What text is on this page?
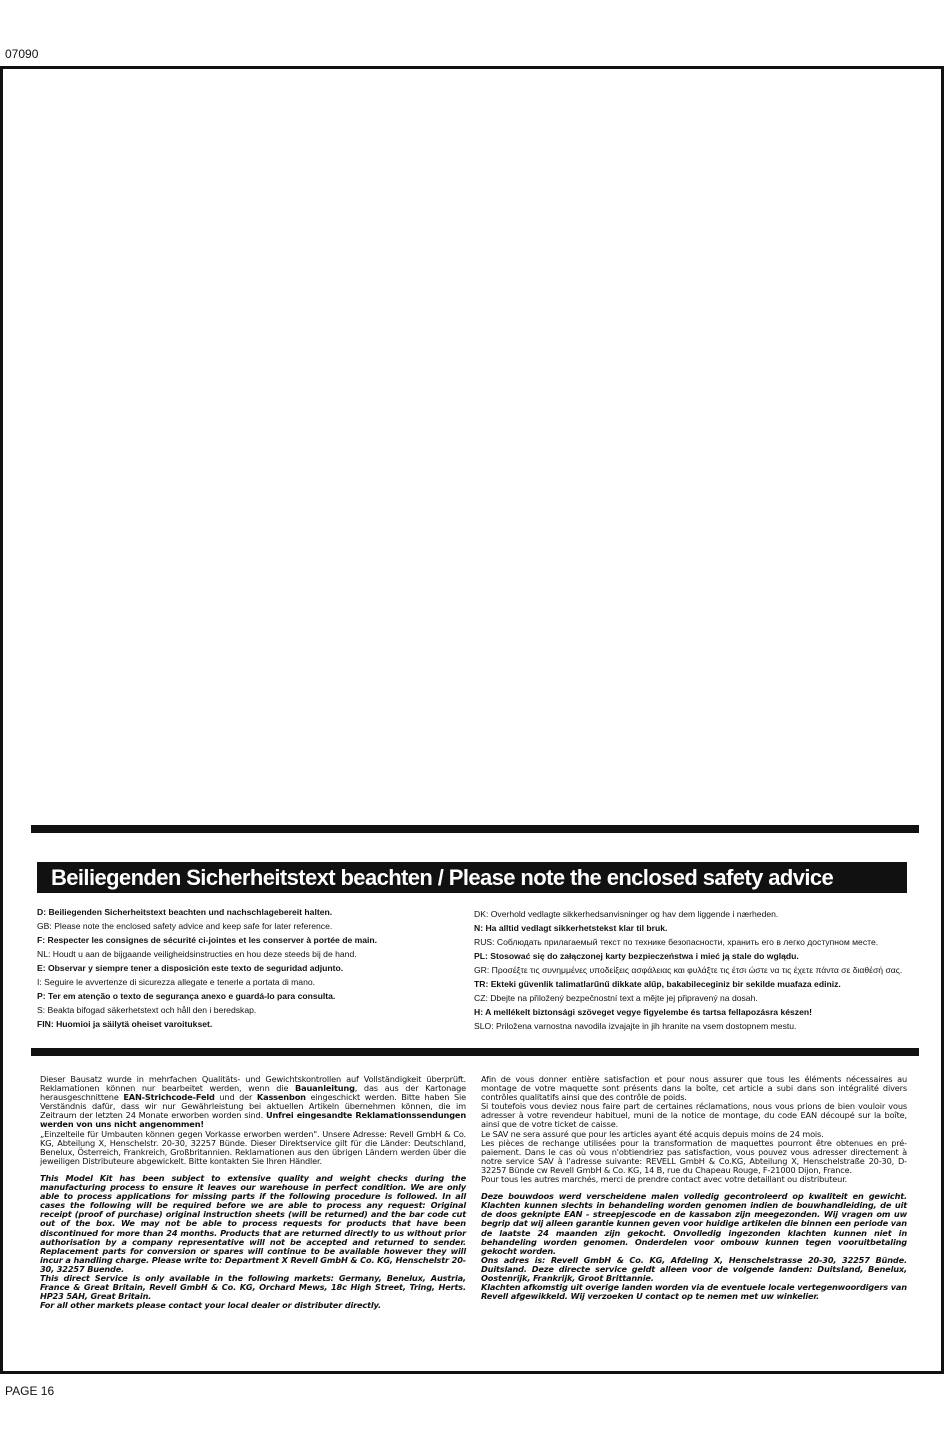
07090
Beiliegenden Sicherheitstext beachten / Please note the enclosed safety advice
D: Beiliegenden Sicherheitstext beachten und nachschlagebereit halten.
GB: Please note the enclosed safety advice and keep safe for later reference.
F: Respecter les consignes de sécurité ci-jointes et les conserver à portée de main.
NL: Houdt u aan de bijgaande veiligheidsinstructies en hou deze steeds bij de hand.
E: Observar y siempre tener a disposición este texto de seguridad adjunto.
I: Seguire le avvertenze di sicurezza allegate e tenerle a portata di mano.
P: Ter em atenção o texto de segurança anexo e guardá-lo para consulta.
S: Beakta bifogad säkerhetstext och håll den i beredskap.
FIN: Huomioi ja säilytä oheiset varoitukset.
DK: Overhold vedlagte sikkerhedsanvisninger og hav dem liggende i nærheden.
N: Ha alltid vedlagt sikkerhetstekst klar til bruk.
RUS: Соблюдать прилагаемый текст по технике безопасности, хранить его в легко доступном месте.
PL: Stosować się do załączonej karty bezpieczeństwa i mieć ją stale do wglądu.
GR: Προσέξτε τις συνημμένες υποδείξεις ασφάλειας και φυλάξτε τις έτσι ώστε να τις έχετε πάντα σε διαθέσή σας.
TR: Ekteki güvenlik talimatlarűnű dikkate alűp, bakabileceginiz bir sekilde muafaza ediniz.
CZ: Dbejte na přiložený bezpečnostní text a mějte jej připravený na dosah.
H: A mellékelt biztonsági szöveget vegye figyelembe és tartsa fellapozásra készen!
SLO: Priložena varnostna navodila izvajajte in jih hranite na vsem dostopnem mestu.

Dieser Bausatz wurde in mehrfachen Qualitäts- und Gewichtskontrollen auf Vollständigkeit überprüft. Reklamationen können nur bearbeitet werden, wenn die Bauanleitung, das aus der Kartonage herausgeschnittene EAN-Strichcode-Feld und der Kassenbon eingeschickt werden. Bitte haben Sie Verständnis dafür, dass wir nur Gewährleistung bei aktuellen Artikeln übernehmen können, die im Zeitraum der letzten 24 Monate erworben worden sind. Unfrei eingesandte Reklamationssendungen werden von uns nicht angenommen!

„Einzelteile für Umbauten können gegen Vorkasse erworben werden". Unsere Adresse: Revell GmbH & Co. KG, Abteilung X, Henschelstr. 20-30, 32257 Bünde. Dieser Direktservice gilt für die Länder: Deutschland, Benelux, Österreich, Frankreich, Großbritannien. Reklamationen aus den übrigen Ländern werden über die jeweiligen Distributeure abgewickelt. Bitte kontakten Sie Ihren Händler.

This Model Kit has been subject to extensive quality and weight checks during the manufacturing process to ensure it leaves our warehouse in perfect condition. We are only able to process applications for missing parts if the following procedure is followed. In all cases the following will be required before we are able to process any request: Original receipt (proof of purchase) original instruction sheets (will be returned) and the bar code cut out of the box. We may not be able to process requests for products that have been discontinued for more than 24 months. Products that are returned directly to us without prior authorisation by a company representative will not be accepted and returned to sender. Replacement parts for conversion or spares will continue to be available however they will incur a handling charge. Please write to: Department X Revell GmbH & Co. KG, Henschelstr 20-30, 32257 Buende.

This direct Service is only available in the following markets: Germany, Benelux, Austria, France & Great Britain, Revell GmbH & Co. KG, Orchard Mews, 18c High Street, Tring, Herts. HP23 5AH, Great Britain.

For all other markets please contact your local dealer or distributer directly.

Afin de vous donner entière satisfaction et pour nous assurer que tous les éléments nécessaires au montage de votre maquette sont présents dans la boîte, cet article a subi dans son intégralité divers contrôles qualitatifs ainsi que des contrôle de poids.

Si toutefois vous deviez nous faire part de certaines réclamations, nous vous prions de bien vouloir vous adresser à votre revendeur habituel, muni de la notice de montage, du code EAN découpé sur la boîte, ainsi que de votre ticket de caisse.

Le SAV ne sera assuré que pour les articles ayant été acquis depuis moins de 24 mois.

Les pièces de rechange utilisées pour la transformation de maquettes pourront être obtenues en pré-paiement. Dans le cas où vous n'obtiendriez pas satisfaction, vous pouvez vous adresser directement à notre service SAV à l'adresse suivante: REVELL GmbH & Co.KG, Abteilung X, Henschelstraße 20-30, D-32257 Bünde cw Revell GmbH & Co. KG, 14 B, rue du Chapeau Rouge, F-21000 Dijon, France.

Pour tous les autres marchés, merci de prendre contact avec votre detaillant ou distributeur.

Deze bouwdoos werd verscheidene malen volledig gecontroleerd op kwaliteit en gewicht. Klachten kunnen slechts in behandeling worden genomen indien de bouwhandleiding, de uit de doos geknipte EAN - streepjescode en de kassabon zijn meegezonden. Wij vragen om uw begrip dat wij alleen garantie kunnen geven voor huidige artikelen die binnen een periode van de laatste 24 maanden zijn gekocht. Onvolledig ingezonden klachten kunnen niet in behandeling worden genomen. Onderdelen voor ombouw kunnen tegen vooruitbetaling gekocht worden.

Ons adres is: Revell GmbH & Co. KG, Afdeling X, Henschelstrasse 20-30, 32257 Bünde. Duitsland. Deze directe service geldt alleen voor de volgende landen: Duitsland, Benelux, Oostenrijk, Frankrijk, Groot Brittannie.

Klachten afkomstig uit overige landen worden via de eventuele locale vertegenwoordigers van Revell afgewikkeld. Wij verzoeken U contact op te nemen met uw winkelier.

PAGE 16
